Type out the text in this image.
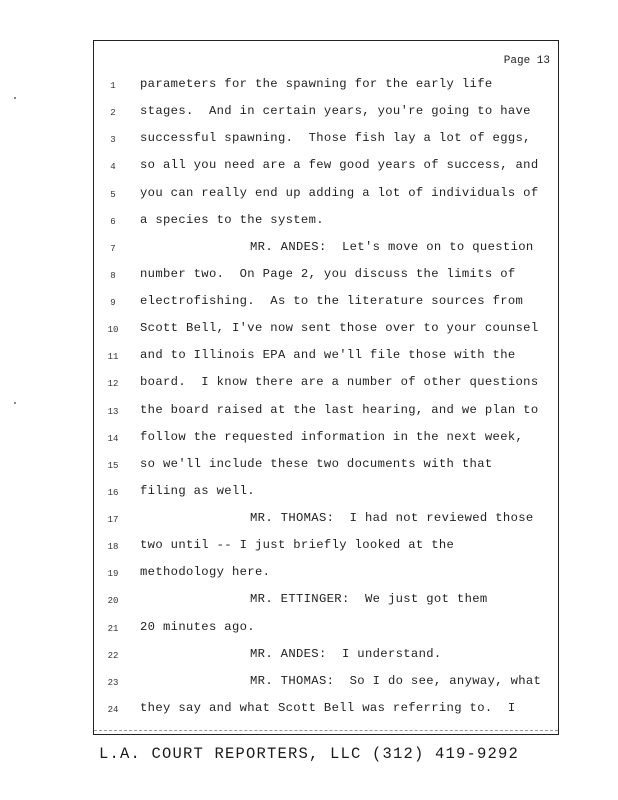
Page 13
1	parameters for the spawning for the early life
2	stages.  And in certain years, you're going to have
3	successful spawning.  Those fish lay a lot of eggs,
4	so all you need are a few good years of success, and
5	you can really end up adding a lot of individuals of
6	a species to the system.
7	MR. ANDES:  Let's move on to question
8	number two.  On Page 2, you discuss the limits of
9	electrofishing.  As to the literature sources from
10	Scott Bell, I've now sent those over to your counsel
11	and to Illinois EPA and we'll file those with the
12	board.  I know there are a number of other questions
13	the board raised at the last hearing, and we plan to
14	follow the requested information in the next week,
15	so we'll include these two documents with that
16	filing as well.
17	MR. THOMAS:  I had not reviewed those
18	two until -- I just briefly looked at the
19	methodology here.
20	MR. ETTINGER:  We just got them
21	20 minutes ago.
22	MR. ANDES:  I understand.
23	MR. THOMAS:  So I do see, anyway, what
24	they say and what Scott Bell was referring to.  I
L.A. COURT REPORTERS, LLC (312) 419-9292
